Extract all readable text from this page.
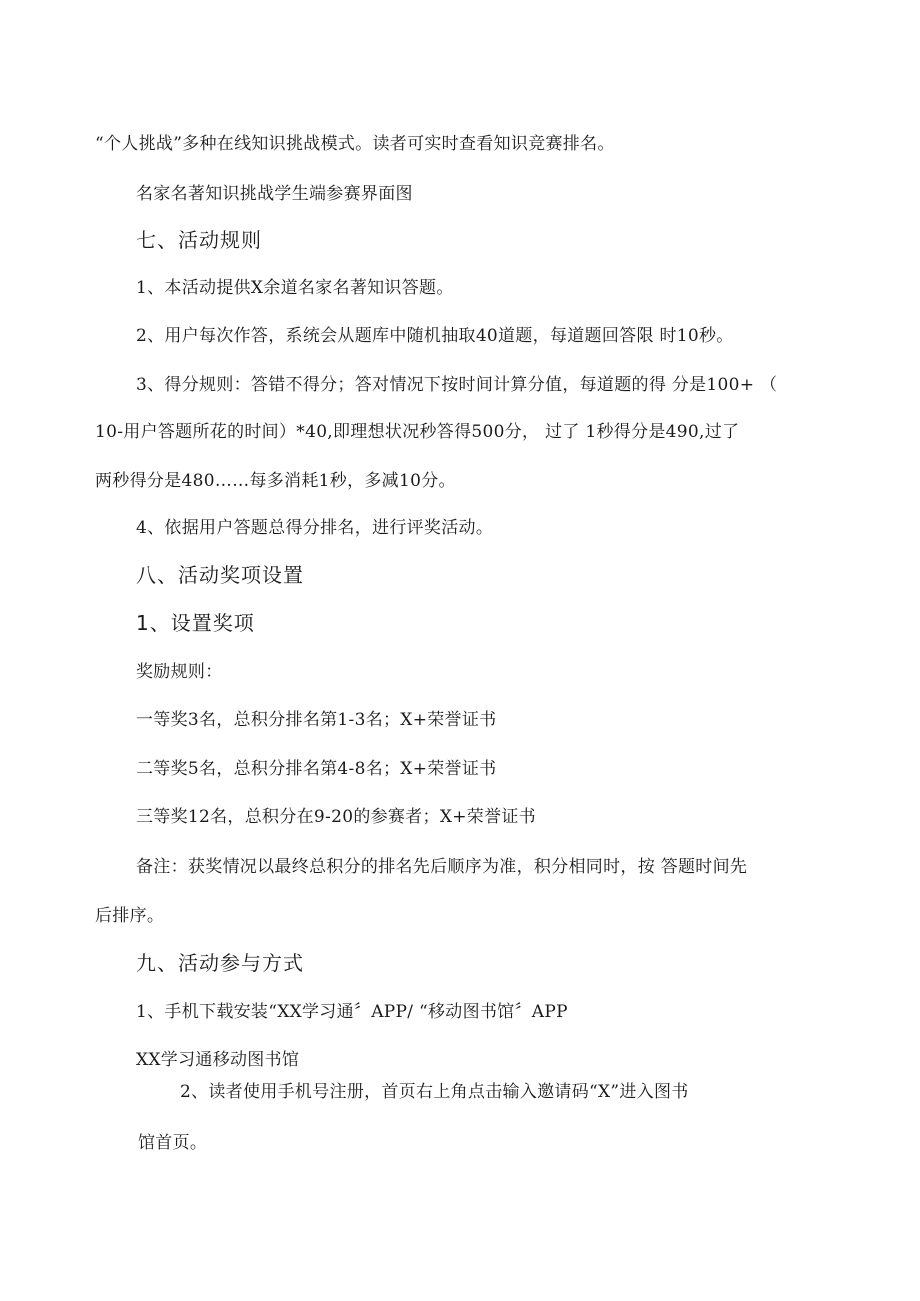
“个人挑战”多种在线知识挑战模式。读者可实时查看知识竞赛排名。
名家名著知识挑战学生端参赛界面图
七、活动规则
1、本活动提供X余道名家名著知识答题。
2、用户每次作答，系统会从题库中随机抽取40道题，每道题回答限 时10秒。
3、得分规则：答错不得分；答对情况下按时间计算分值，每道题的得 分是100+ （
10-用户答题所花的时间）*40,即理想状况秒答得500分， 过了 1秒得分是490,过了
两秒得分是480……每多消耗1秒，多减10分。
4、依据用户答题总得分排名，进行评奖活动。
八、活动奖项设置
1、设置奖项
奖励规则：
一等奖3名，总积分排名第1-3名；X+荣誉证书
二等奖5名，总积分排名第4-8名；X+荣誉证书
三等奖12名，总积分在9-20的参赛者；X+荣誉证书
备注：获奖情况以最终总积分的排名先后顺序为准，积分相同时，按 答题时间先
后排序。
九、活动参与方式
1、手机下载安装“XX学习通〞APP/ “移动图书馆〞APP
XX学习通移动图书馆
2、读者使用手机号注册，首页右上角点击输入邀请码“X”进入图书
馆首页。
